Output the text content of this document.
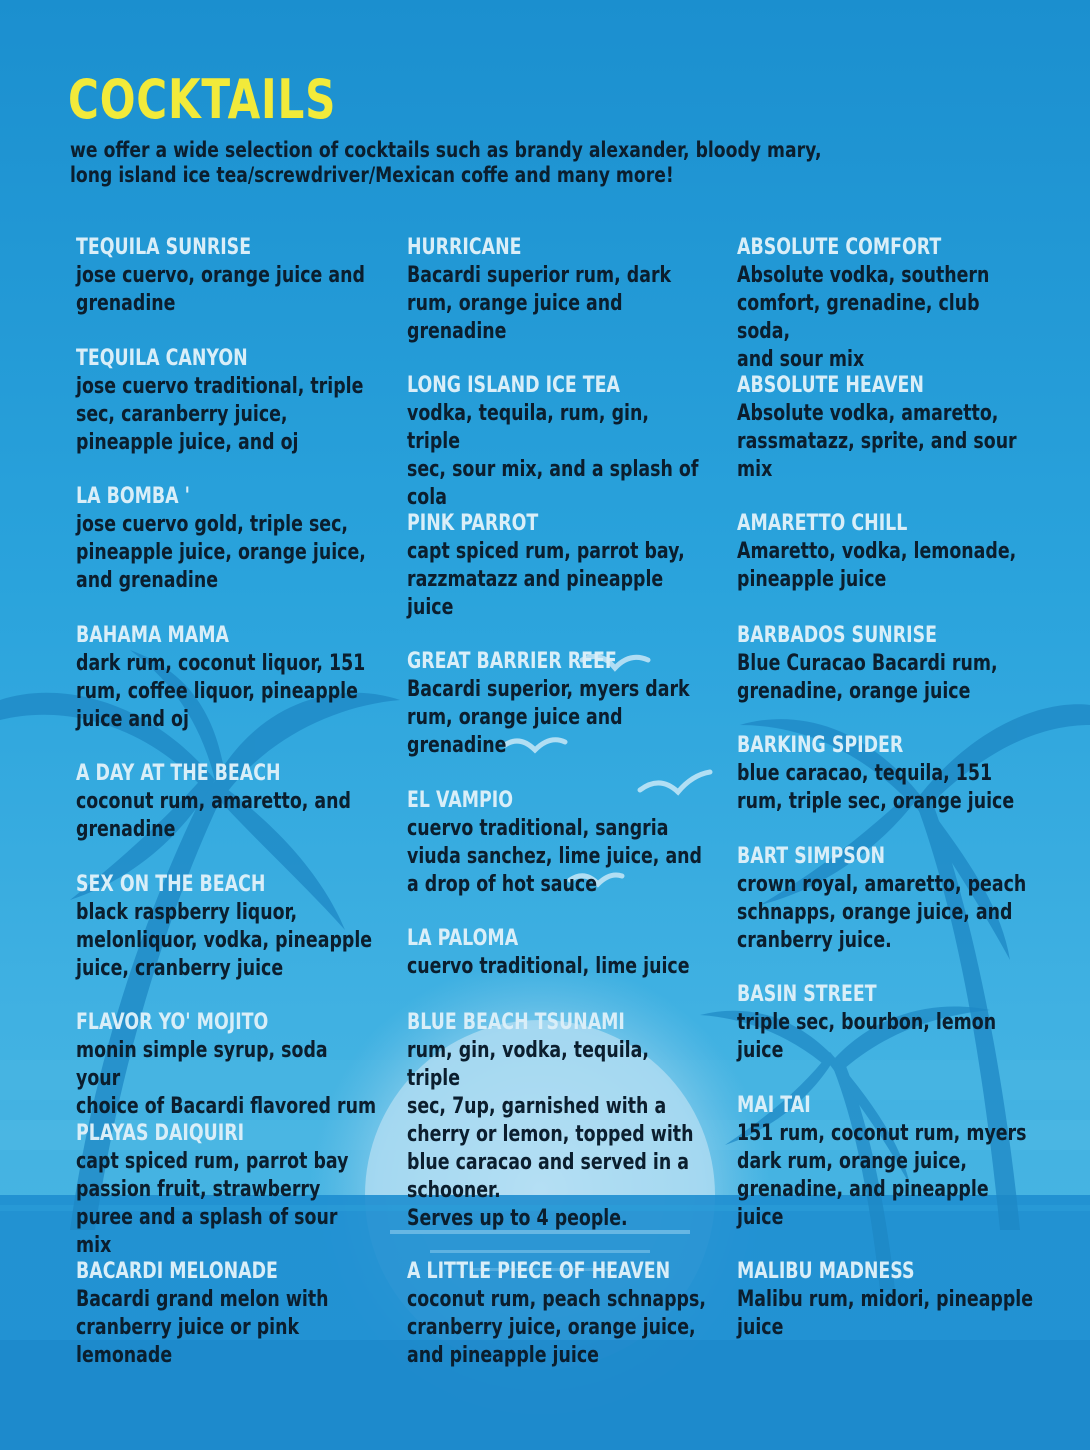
COCKTAILS
we offer a wide selection of cocktails such as brandy alexander, bloody mary,
long island ice tea/screwdriver/Mexican coffe and many more!
TEQUILA SUNRISE
jose cuervo, orange juice and
grenadine
TEQUILA CANYON
jose cuervo traditional, triple
sec, caranberry juice,
pineapple juice, and oj
LA BOMBA '
jose cuervo gold, triple sec,
pineapple juice, orange juice,
and grenadine
BAHAMA MAMA
dark rum, coconut liquor, 151
rum, coffee liquor, pineapple
juice and oj
A DAY AT THE BEACH
coconut rum, amaretto, and
grenadine
SEX ON THE BEACH
black raspberry liquor,
melonliquor, vodka, pineapple
juice, cranberry juice
FLAVOR YO' MOJITO
monin simple syrup, soda your
choice of Bacardi flavored rum
PLAYAS DAIQUIRI
capt spiced rum, parrot bay
passion fruit, strawberry
puree and a splash of sour mix
BACARDI MELONADE
Bacardi grand melon with
cranberry juice or pink
lemonade
HURRICANE
Bacardi superior rum, dark
rum, orange juice and
grenadine
LONG ISLAND ICE TEA
vodka, tequila, rum, gin, triple
sec, sour mix, and a splash of
cola
PINK PARROT
capt spiced rum, parrot bay,
razzmatazz and pineapple
juice
GREAT BARRIER REEF
Bacardi superior, myers dark
rum, orange juice and
grenadine
EL VAMPIO
cuervo traditional, sangria
viuda sanchez, lime juice, and
a drop of hot sauce
LA PALOMA
cuervo traditional, lime juice
BLUE BEACH TSUNAMI
rum, gin, vodka, tequila, triple
sec, 7up, garnished with a
cherry or lemon, topped with
blue caracao and served in a
schooner.
Serves up to 4 people.
A LITTLE PIECE OF HEAVEN
coconut rum, peach schnapps,
cranberry juice, orange juice,
and pineapple juice
ABSOLUTE COMFORT
Absolute vodka, southern
comfort, grenadine, club soda,
and sour mix
ABSOLUTE HEAVEN
Absolute vodka, amaretto,
rassmatazz, sprite, and sour
mix
AMARETTO CHILL
Amaretto, vodka, lemonade,
pineapple juice
BARBADOS SUNRISE
Blue Curacao Bacardi rum,
grenadine, orange juice
BARKING SPIDER
blue caracao, tequila, 151
rum, triple sec, orange juice
BART SIMPSON
crown royal, amaretto, peach
schnapps, orange juice, and
cranberry juice.
BASIN STREET
triple sec, bourbon, lemon
juice
MAI TAI
151 rum, coconut rum, myers
dark rum, orange juice,
grenadine, and pineapple
juice
MALIBU MADNESS
Malibu rum, midori, pineapple
juice
